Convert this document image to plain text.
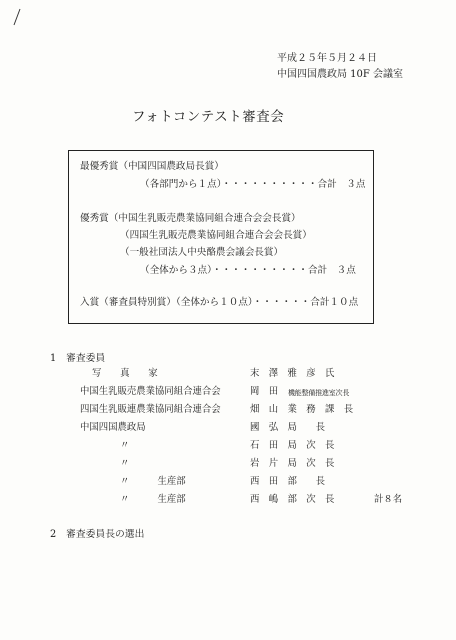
平成２５年５月２４日
中国四国農政局 10F 会議室
フォトコンテスト審査会
最優秀賞（中国四国農政局長賞）
（各部門から１点）・・・・・・・・・・合計　３点
優秀賞（中国生乳販売農業協同組合連合会会長賞）
（四国生乳販売農業協同組合連合会会長賞）
（一般社団法人中央酪農会議会長賞）
（全体から３点）・・・・・・・・・・合計　３点
入賞（審査員特別賞）（全体から１０点）・・・・・・合計１０点
1　審査委員
写　　真　　家	末　澤　雅　彦　氏
中国生乳販売農業協同組合連合会	岡　田 機能整備推進室次長
四国生乳販連農業協同組合連合会	畑　山　業　務　課　長
中国四国農政局	國　弘　局　　長
〃	石　田　局　次　長
〃	岩　片　局　次　長
〃　　　生産部	西　田　部　　長
〃　　　生産部	西　嶋　部　次　長	計８名
2　審査委員長の選出
